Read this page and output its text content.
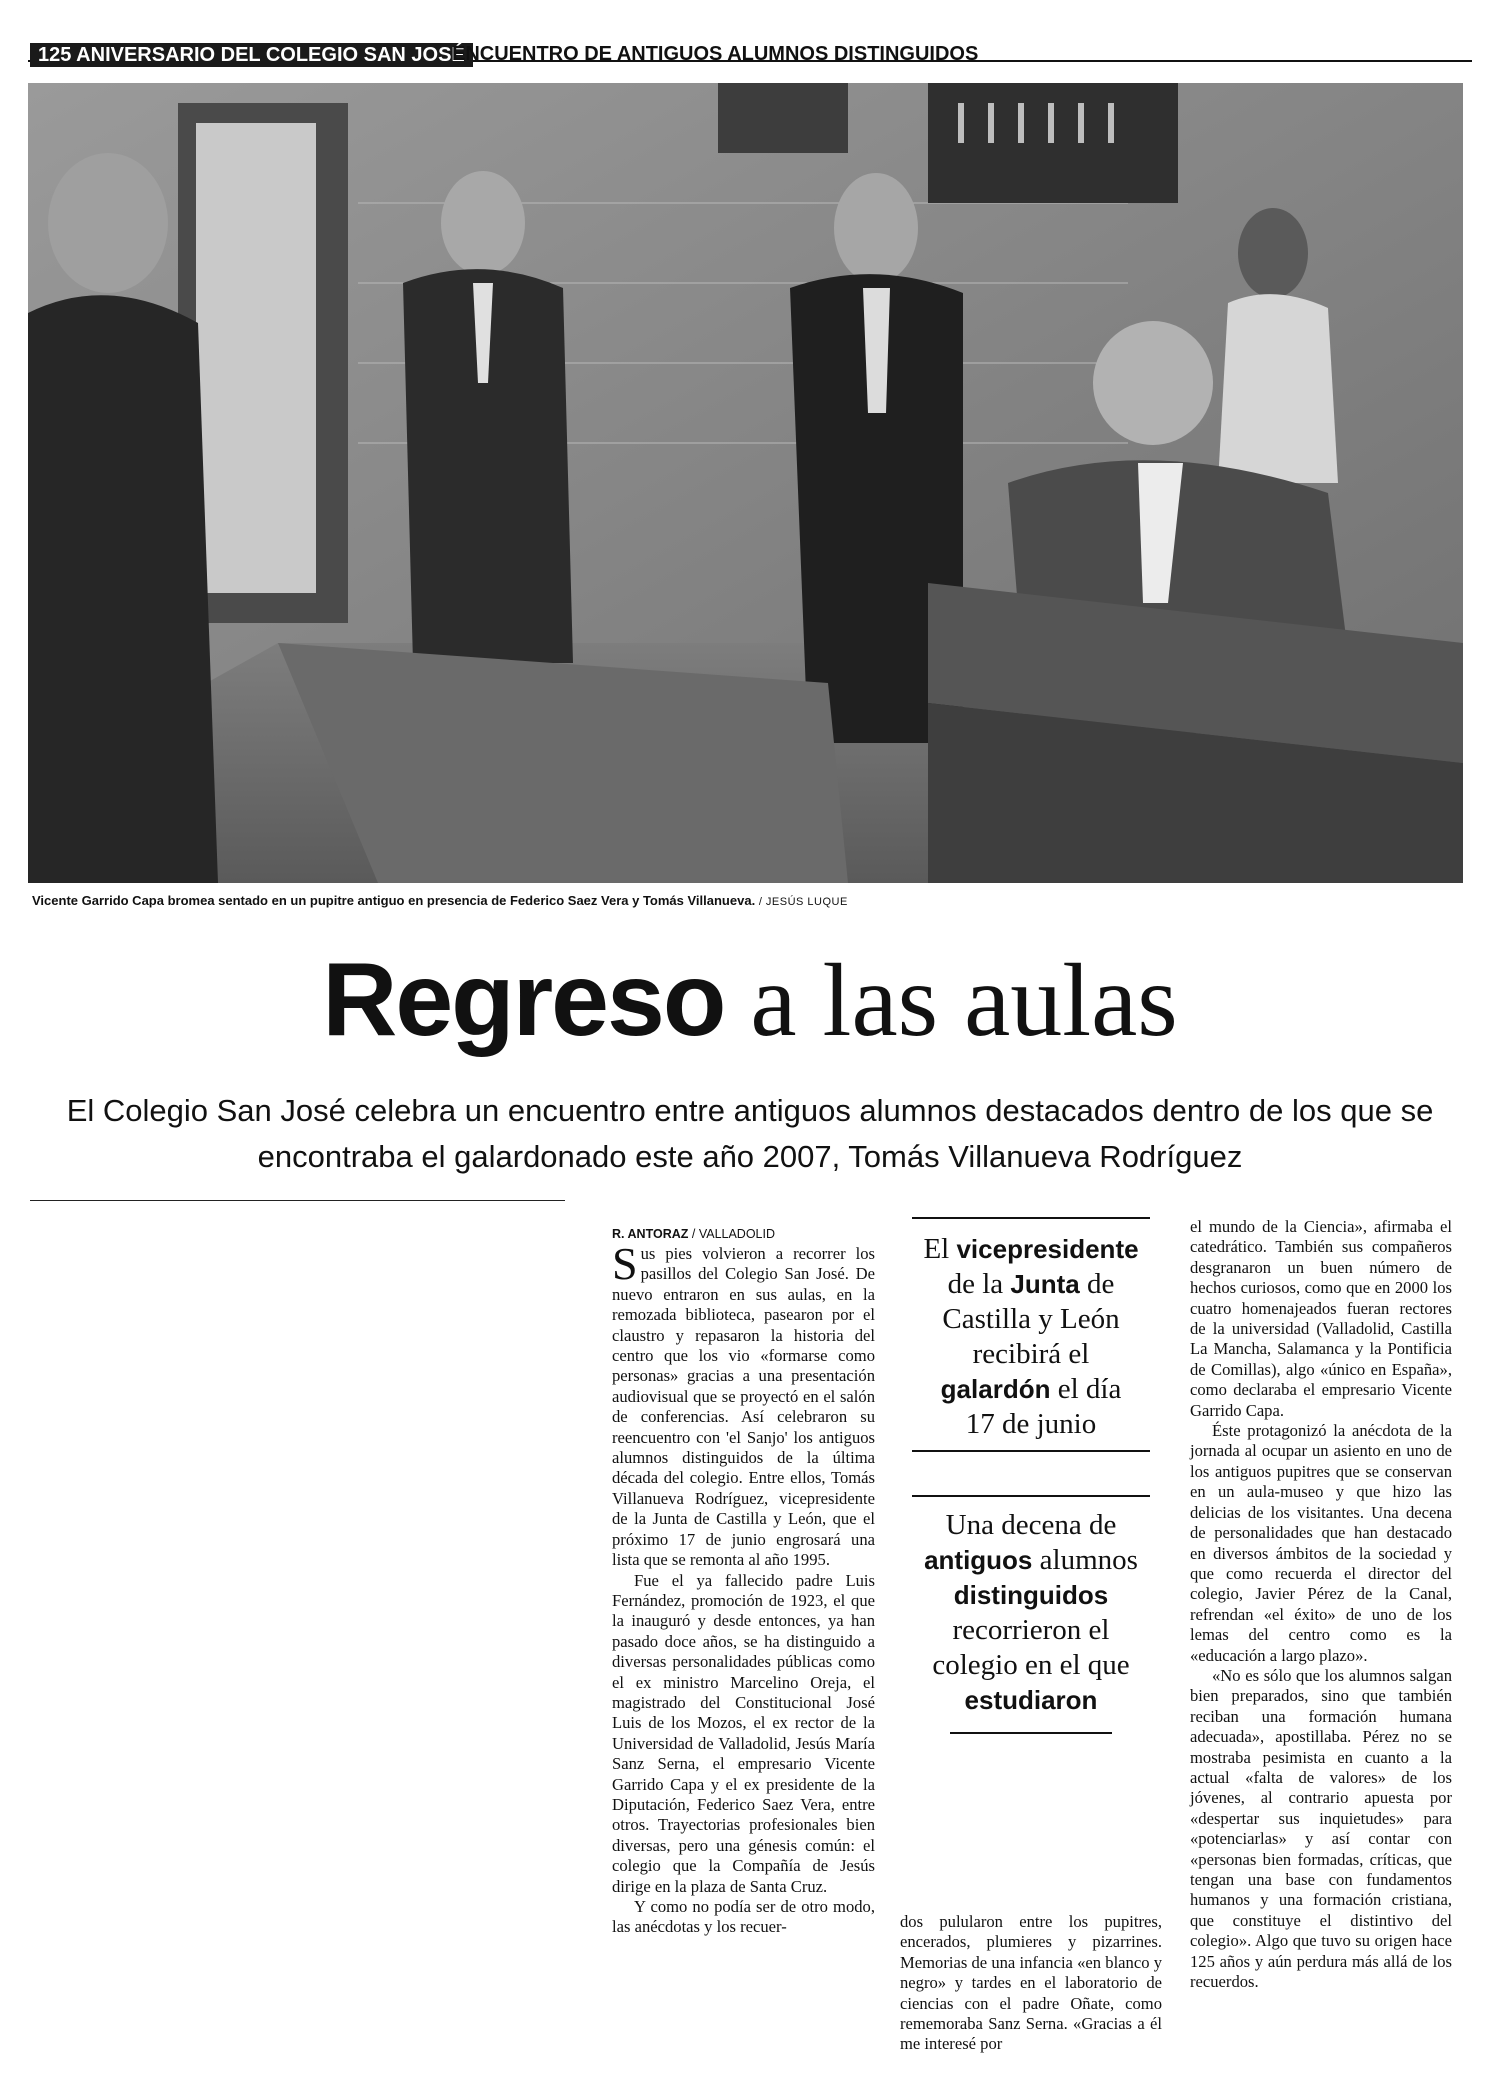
125 ANIVERSARIO DEL COLEGIO SAN JOSÉ
ENCUENTRO DE ANTIGUOS ALUMNOS DISTINGUIDOS
Vicente Garrido Capa bromea sentado en un pupitre antiguo en presencia de Federico Saez Vera y Tomás Villanueva. / JESÚS LUQUE
Regreso a las aulas
El Colegio San José celebra un encuentro entre antiguos alumnos destacados dentro de los que se encontraba el galardonado este año 2007, Tomás Villanueva Rodríguez
R. ANTORAZ / VALLADOLID

Sus pies volvieron a recorrer los pasillos del Colegio San José. De nuevo entraron en sus aulas, en la remozada biblioteca, pasearon por el claustro y repasaron la historia del centro que los vio «formarse como personas» gracias a una presentación audiovisual que se proyectó en el salón de conferencias. Así celebraron su reencuentro con 'el Sanjo' los antiguos alumnos distinguidos de la última década del colegio. Entre ellos, Tomás Villanueva Rodríguez, vicepresidente de la Junta de Castilla y León, que el próximo 17 de junio engrosará una lista que se remonta al año 1995.

Fue el ya fallecido padre Luis Fernández, promoción de 1923, el que la inauguró y desde entonces, ya han pasado doce años, se ha distinguido a diversas personalidades públicas como el ex ministro Marcelino Oreja, el magistrado del Constitucional José Luis de los Mozos, el ex rector de la Universidad de Valladolid, Jesús María Sanz Serna, el empresario Vicente Garrido Capa y el ex presidente de la Diputación, Federico Saez Vera, entre otros. Trayectorias profesionales bien diversas, pero una génesis común: el colegio que la Compañía de Jesús dirige en la plaza de Santa Cruz.

Y como no podía ser de otro modo, las anécdotas y los recuer-

El vicepresidente
de la Junta de
Castilla y León
recibirá el
galardón el día
17 de junio
Una decena de
antiguos alumnos
distinguidos
recorrieron el
colegio en el que
estudiaron

dos pulularon entre los pupitres, encerados, plumieres y pizarrines. Memorias de una infancia «en blanco y negro» y tardes en el laboratorio de ciencias con el padre Oñate, como rememoraba Sanz Serna. «Gracias a él me interesé por

el mundo de la Ciencia», afirmaba el catedrático. También sus compañeros desgranaron un buen número de hechos curiosos, como que en 2000 los cuatro homenajeados fueran rectores de la universidad (Valladolid, Castilla La Mancha, Salamanca y la Pontificia de Comillas), algo «único en España», como declaraba el empresario Vicente Garrido Capa.

Éste protagonizó la anécdota de la jornada al ocupar un asiento en uno de los antiguos pupitres que se conservan en un aula-museo y que hizo las delicias de los visitantes. Una decena de personalidades que han destacado en diversos ámbitos de la sociedad y que como recuerda el director del colegio, Javier Pérez de la Canal, refrendan «el éxito» de uno de los lemas del centro como es la «educación a largo plazo».

«No es sólo que los alumnos salgan bien preparados, sino que también reciban una formación humana adecuada», apostillaba. Pérez no se mostraba pesimista en cuanto a la actual «falta de valores» de los jóvenes, al contrario apuesta por «despertar sus inquietudes» para «potenciarlas» y así contar con «personas bien formadas, críticas, que tengan una base con fundamentos humanos y una formación cristiana, que constituye el distintivo del colegio». Algo que tuvo su origen hace 125 años y aún perdura más allá de los recuerdos.
